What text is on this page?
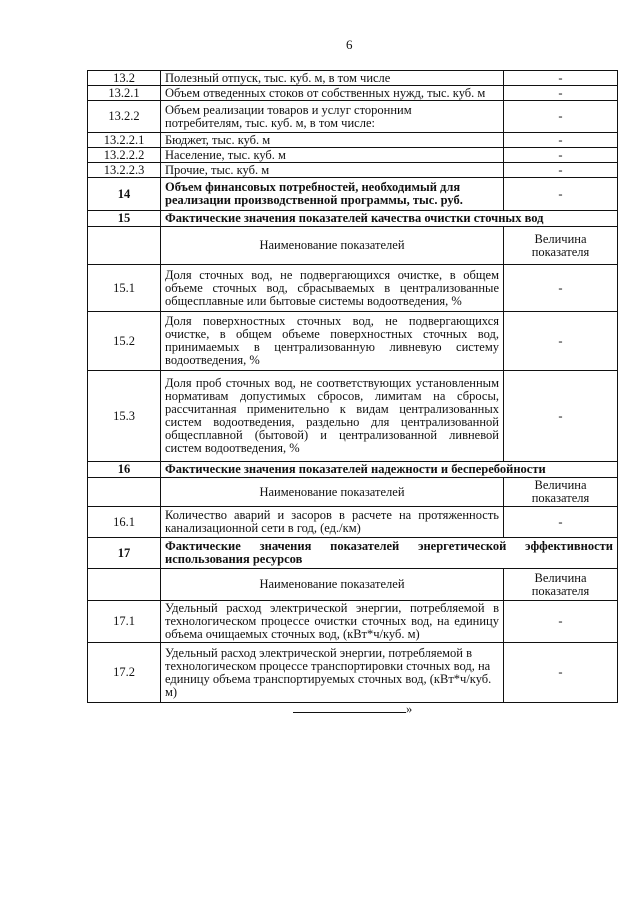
6
13.2	Полезный отпуск, тыс. куб. м, в том числе	-
13.2.1	Объем отведенных стоков от собственных нужд, тыс. куб. м	-
13.2.2	Объем реализации товаров и услуг сторонним потребителям, тыс. куб. м, в том числе:	-
13.2.2.1	Бюджет, тыс. куб. м	-
13.2.2.2	Население, тыс. куб. м	-
13.2.2.3	Прочие, тыс. куб. м	-
14	Объем финансовых потребностей, необходимый для реализации производственной программы, тыс. руб.	-
15	Фактические значения показателей качества очистки сточных вод	
	Наименование показателей	Величина показателя
15.1	Доля сточных вод, не подвергающихся очистке, в общем объеме сточных вод, сбрасываемых в централизованные общесплавные или бытовые системы водоотведения, %	-
15.2	Доля поверхностных сточных вод, не подвергающихся очистке, в общем объеме поверхностных сточных вод, принимаемых в централизованную ливневую систему водоотведения, %	-
15.3	Доля проб сточных вод, не соответствующих установленным нормативам допустимых сбросов, лимитам на сбросы, рассчитанная применительно к видам централизованных систем водоотведения, раздельно для централизованной общесплавной (бытовой) и централизованной ливневой систем водоотведения, %	-
16	Фактические значения показателей надежности и бесперебойности	
	Наименование показателей	Величина показателя
16.1	Количество аварий и засоров в расчете на протяженность канализационной сети в год, (ед./км)	-
17	Фактические значения показателей энергетической эффективности использования ресурсов	
	Наименование показателей	Величина показателя
17.1	Удельный расход электрической энергии, потребляемой в технологическом процессе очистки сточных вод, на единицу объема очищаемых сточных вод, (кВт*ч/куб. м)	-
17.2	Удельный расход электрической энергии, потребляемой в технологическом процессе транспортировки сточных вод, на единицу объема транспортируемых сточных вод, (кВт*ч/куб. м)	-
»
